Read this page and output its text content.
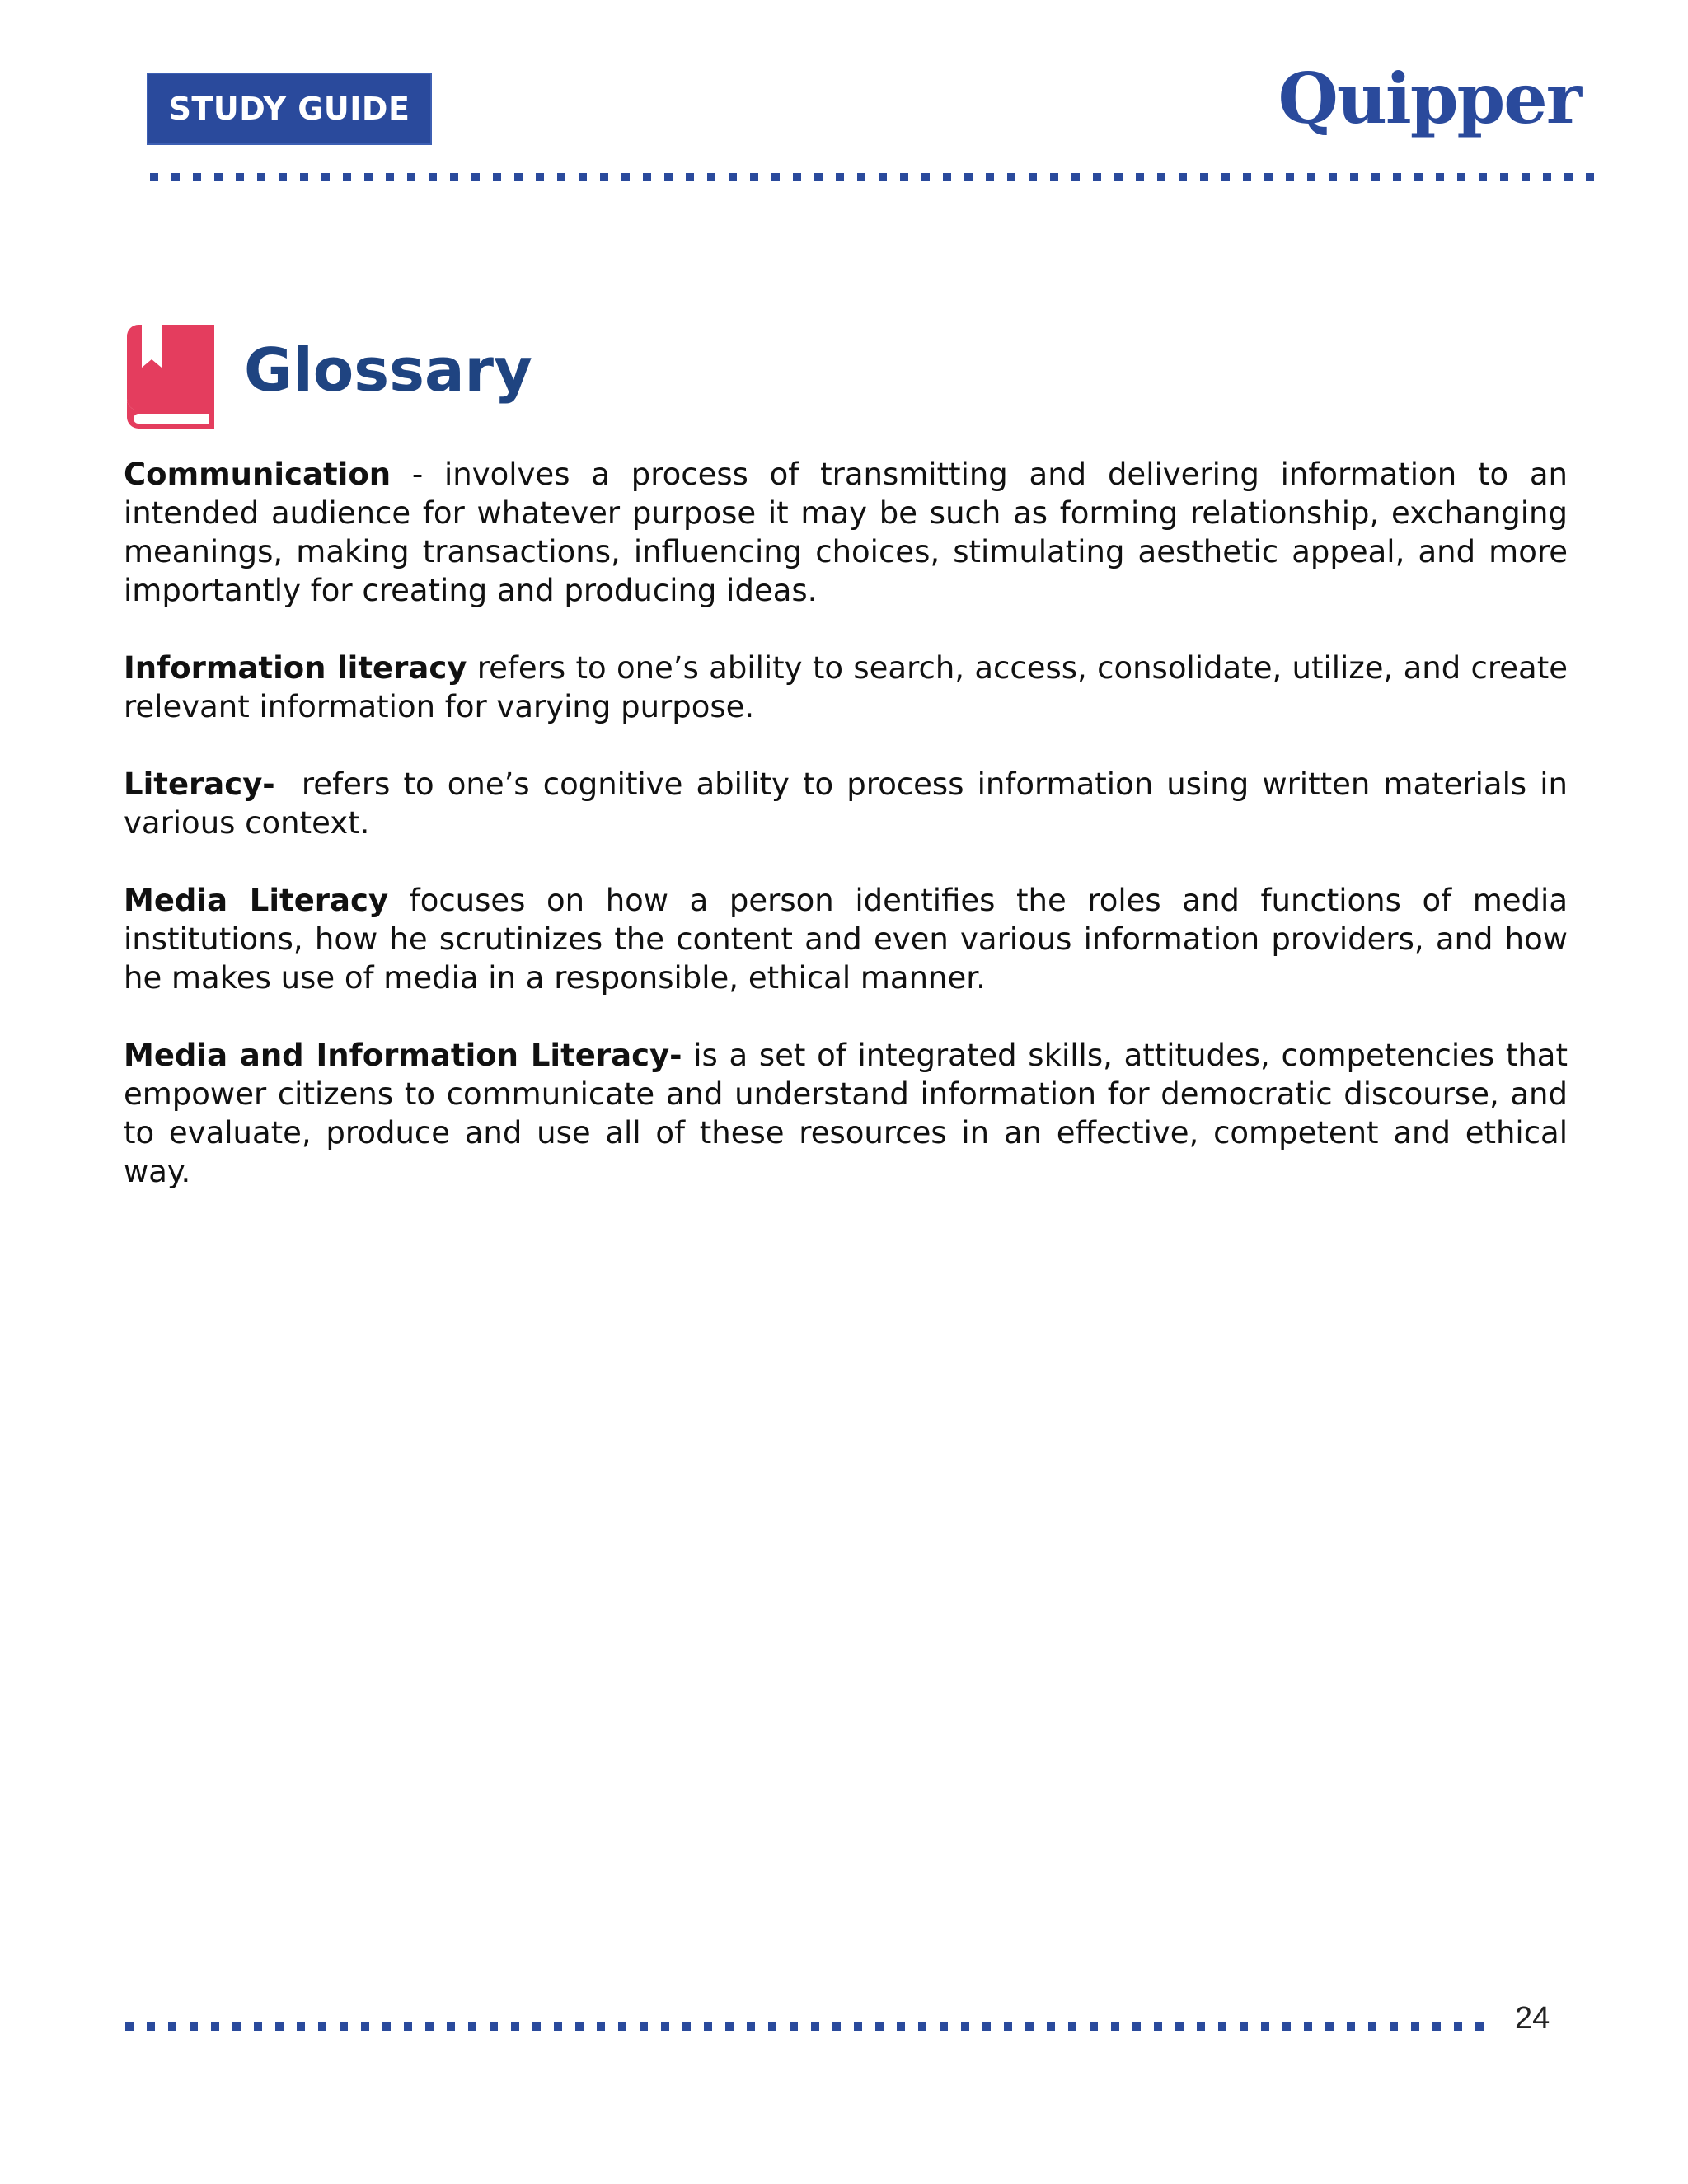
STUDY GUIDE	Quipper
Glossary

Communication - involves a process of transmitting and delivering information to an intended audience for whatever purpose it may be such as forming relationship, exchanging meanings, making transactions, influencing choices, stimulating aesthetic appeal, and more importantly for creating and producing ideas.

Information literacy refers to one’s ability to search, access, consolidate, utilize, and create relevant information for varying purpose.

Literacy-  refers to one’s cognitive ability to process information using written materials in various context.

Media Literacy focuses on how a person identifies the roles and functions of media institutions, how he scrutinizes the content and even various information providers, and how he makes use of media in a responsible, ethical manner.

Media and Information Literacy- is a set of integrated skills, attitudes, competencies that empower citizens to communicate and understand information for democratic discourse, and to evaluate, produce and use all of these resources in an effective, competent and ethical way.

24
